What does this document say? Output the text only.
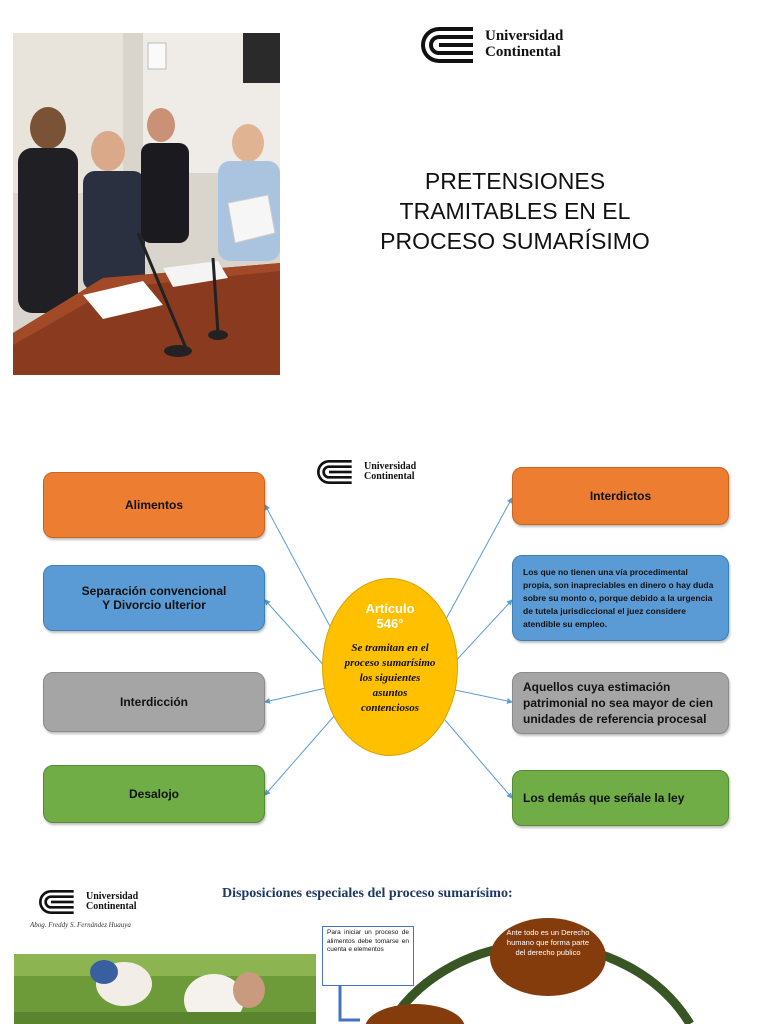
Universidad
Continental
PRETENSIONES
TRAMITABLES EN EL
PROCESO SUMARÍSIMO
Universidad
Continental
Alimentos
Separación convencional
Y Divorcio ulterior
Interdicción
Desalojo
Artículo
546°
Se tramitan en el proceso sumarísimo los siguientes asuntos contenciosos
Interdictos
Los que no tienen una vía procedimental propia, son inapreciables en dinero o hay duda sobre su monto o, porque debido a la urgencia de tutela jurisdiccional el juez considere atendible su empleo.
Aquellos cuya estimación patrimonial no sea mayor de cien unidades de referencia procesal
Los demás que señale la ley
Universidad
Continental
Abog. Freddy S. Fernández Huauya
Disposiciones especiales del proceso sumarísimo:
Para iniciar un proceso de alimentos debe tomarse en cuenta e elementos
Ante todo es un Derecho humano que forma parte del derecho publico
